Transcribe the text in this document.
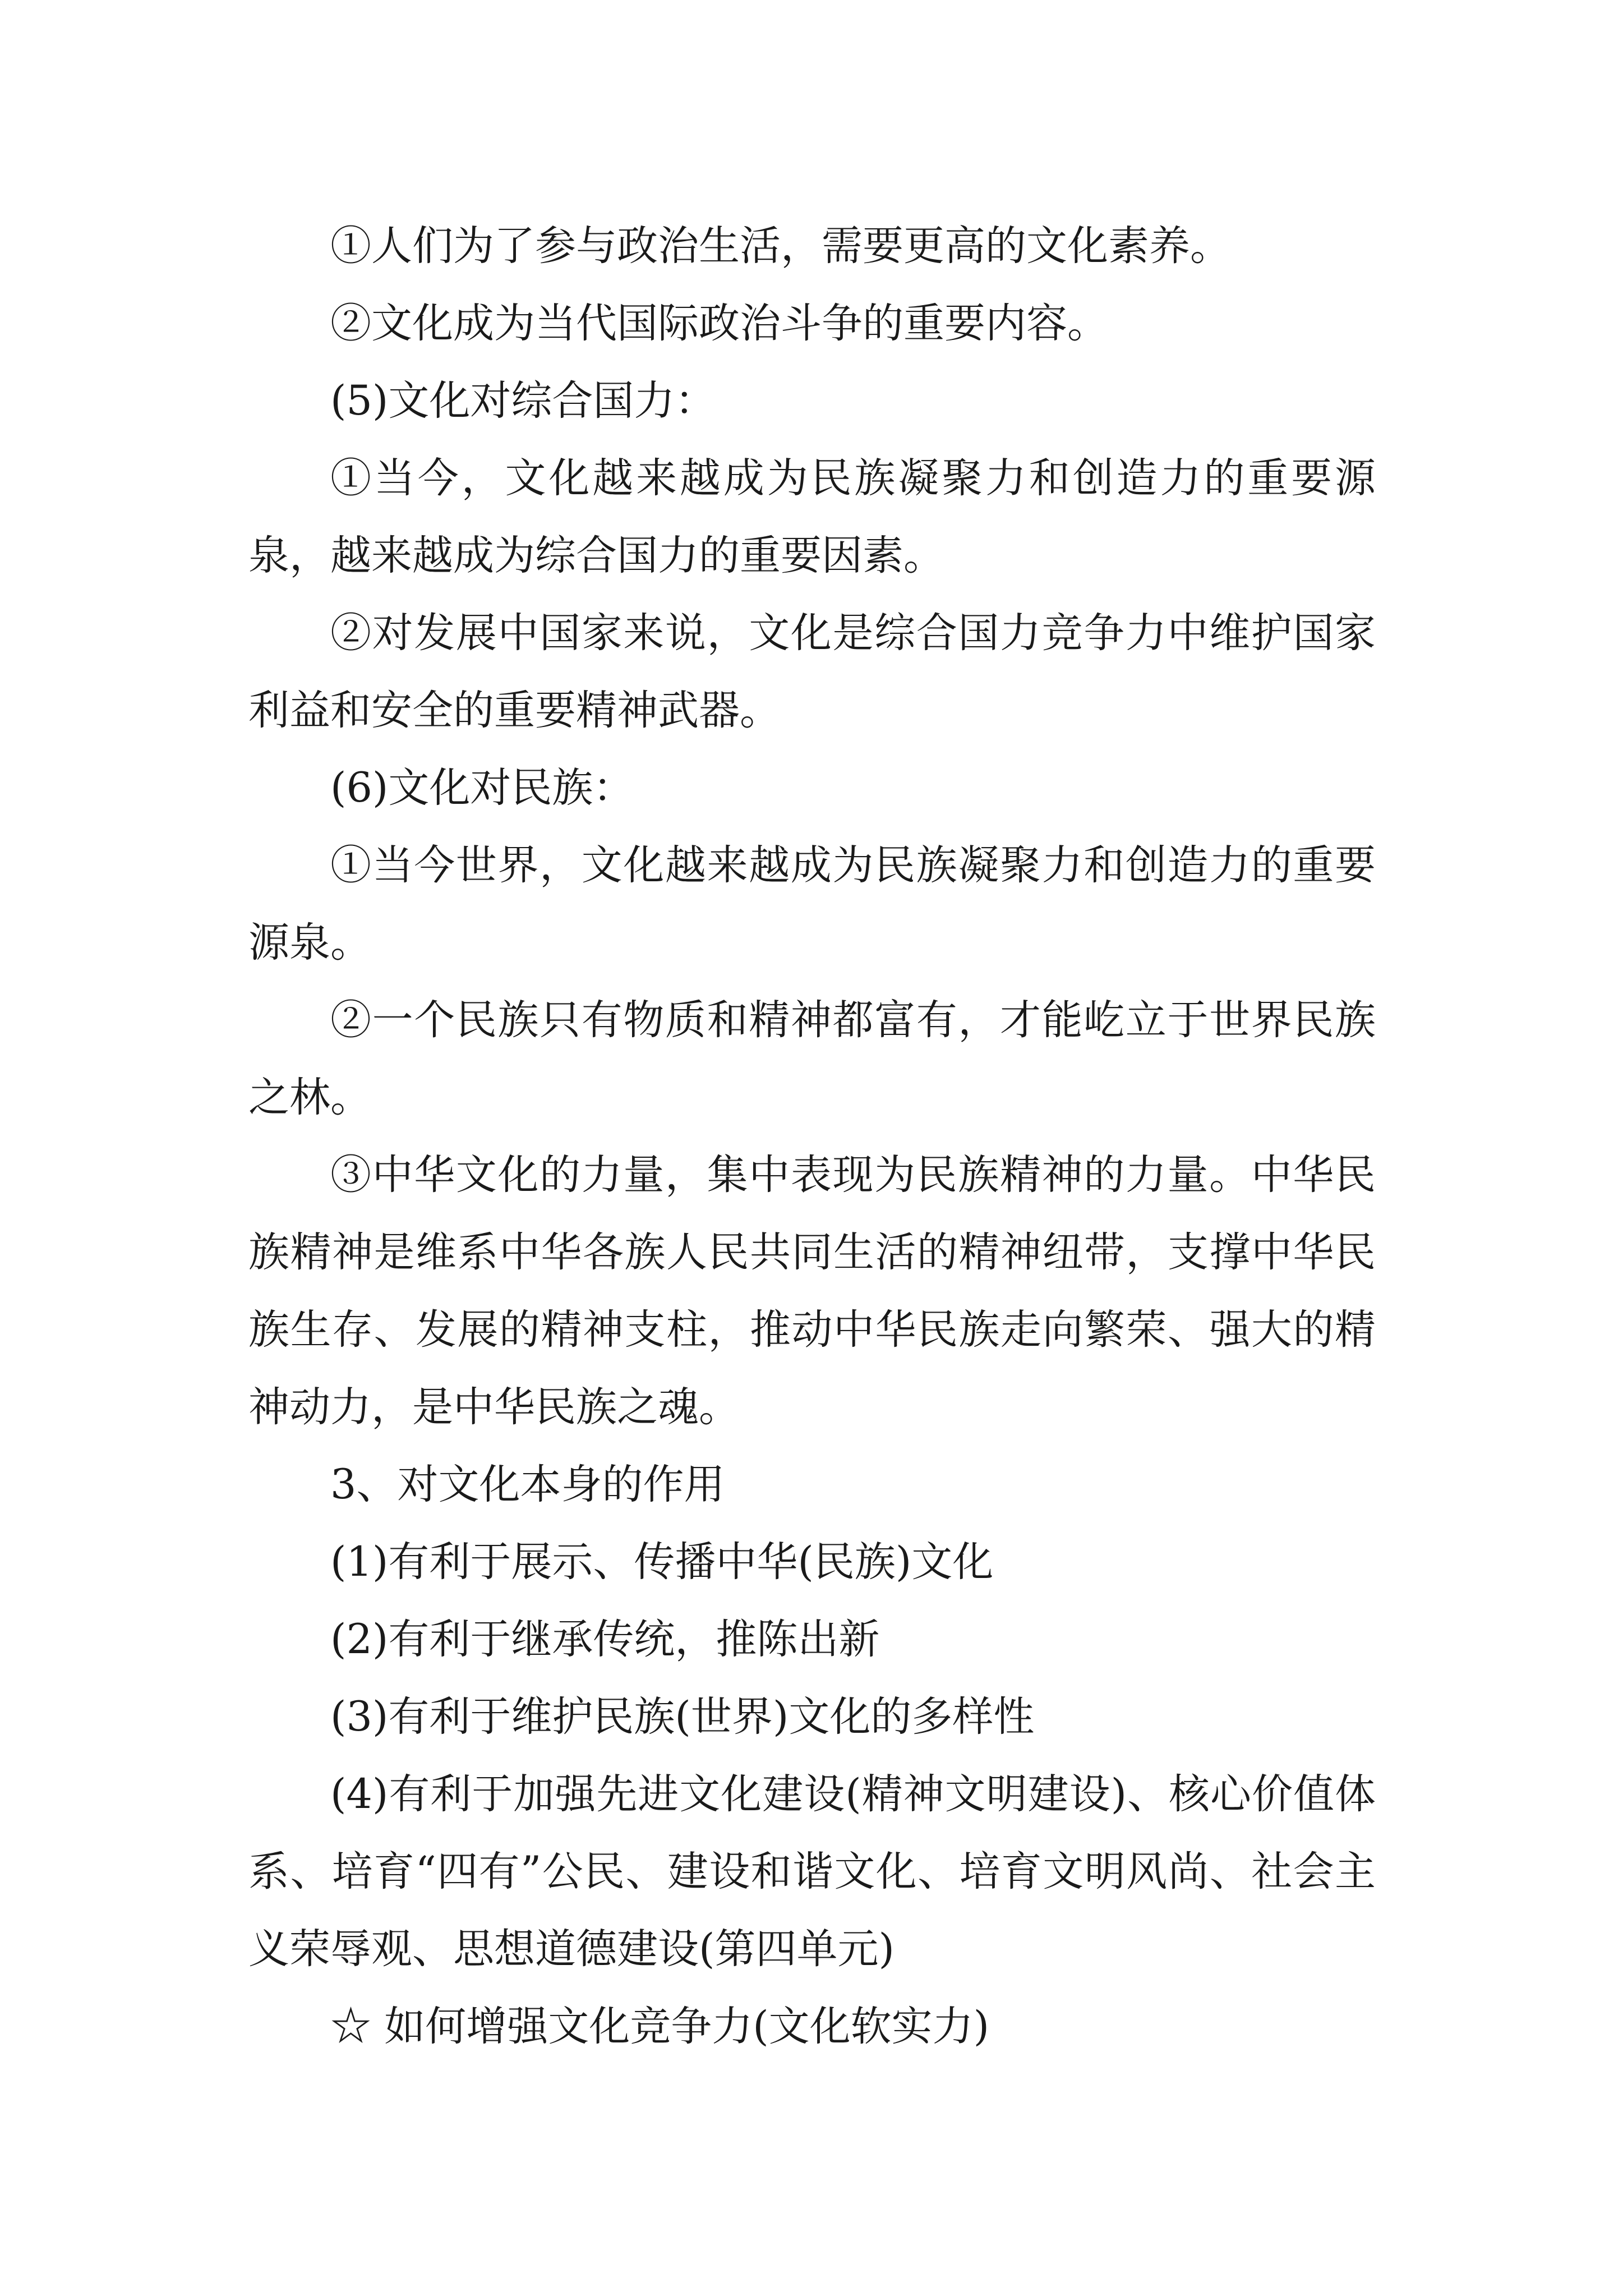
①人们为了参与政治生活，需要更高的文化素养。

②文化成为当代国际政治斗争的重要内容。

(5)文化对综合国力：

①当今，文化越来越成为民族凝聚力和创造力的重要源泉，越来越成为综合国力的重要因素。

②对发展中国家来说，文化是综合国力竞争力中维护国家利益和安全的重要精神武器。

(6)文化对民族：

①当今世界，文化越来越成为民族凝聚力和创造力的重要源泉。

②一个民族只有物质和精神都富有，才能屹立于世界民族之林。

③中华文化的力量，集中表现为民族精神的力量。中华民族精神是维系中华各族人民共同生活的精神纽带，支撑中华民族生存、发展的精神支柱，推动中华民族走向繁荣、强大的精神动力，是中华民族之魂。

3、对文化本身的作用

(1)有利于展示、传播中华(民族)文化

(2)有利于继承传统，推陈出新

(3)有利于维护民族(世界)文化的多样性

(4)有利于加强先进文化建设(精神文明建设)、核心价值体系、培育“四有”公民、建设和谐文化、培育文明风尚、社会主义荣辱观、思想道德建设(第四单元)

☆ 如何增强文化竞争力(文化软实力)
